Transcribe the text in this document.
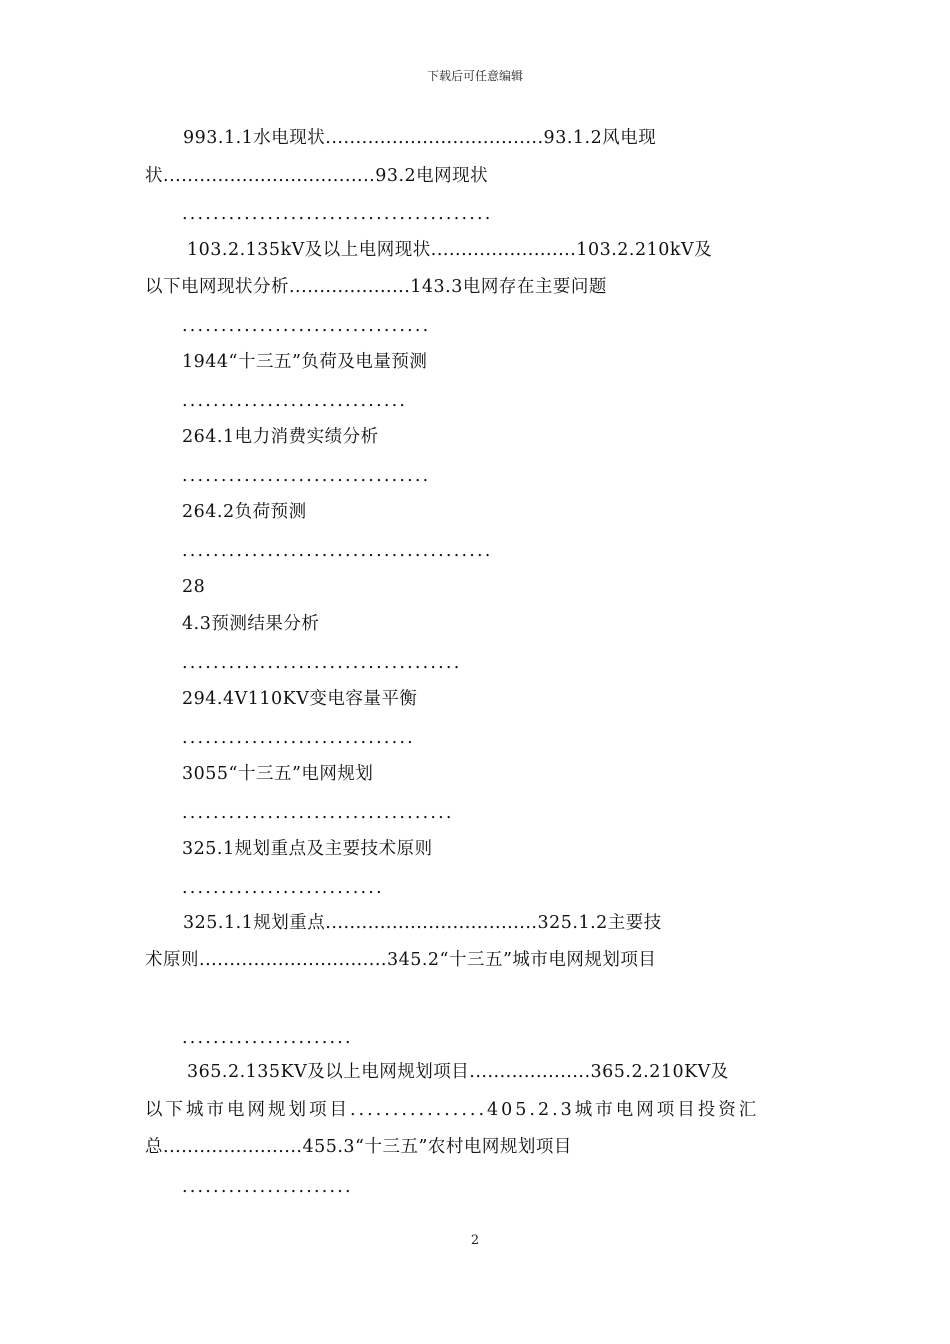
下载后可任意编辑
993.1.1水电现状....................................93.1.2风电现
状...................................93.2电网现状
........................................
103.2.135kV及以上电网现状........................103.2.210kV及
以下电网现状分析....................143.3电网存在主要问题
................................
1944“十三五”负荷及电量预测
.............................
264.1电力消费实绩分析
................................
264.2负荷预测
........................................
28
4.3预测结果分析
....................................
294.4V110KV变电容量平衡
..............................
3055“十三五”电网规划
...................................
325.1规划重点及主要技术原则
..........................
325.1.1规划重点...................................325.1.2主要技
术原则...............................345.2“十三五”城市电网规划项目
......................
365.2.135KV及以上电网规划项目....................365.2.210KV及
以下城市电网规划项目................405.2.3城市电网项目投资汇
总.......................455.3“十三五”农村电网规划项目
......................
2
